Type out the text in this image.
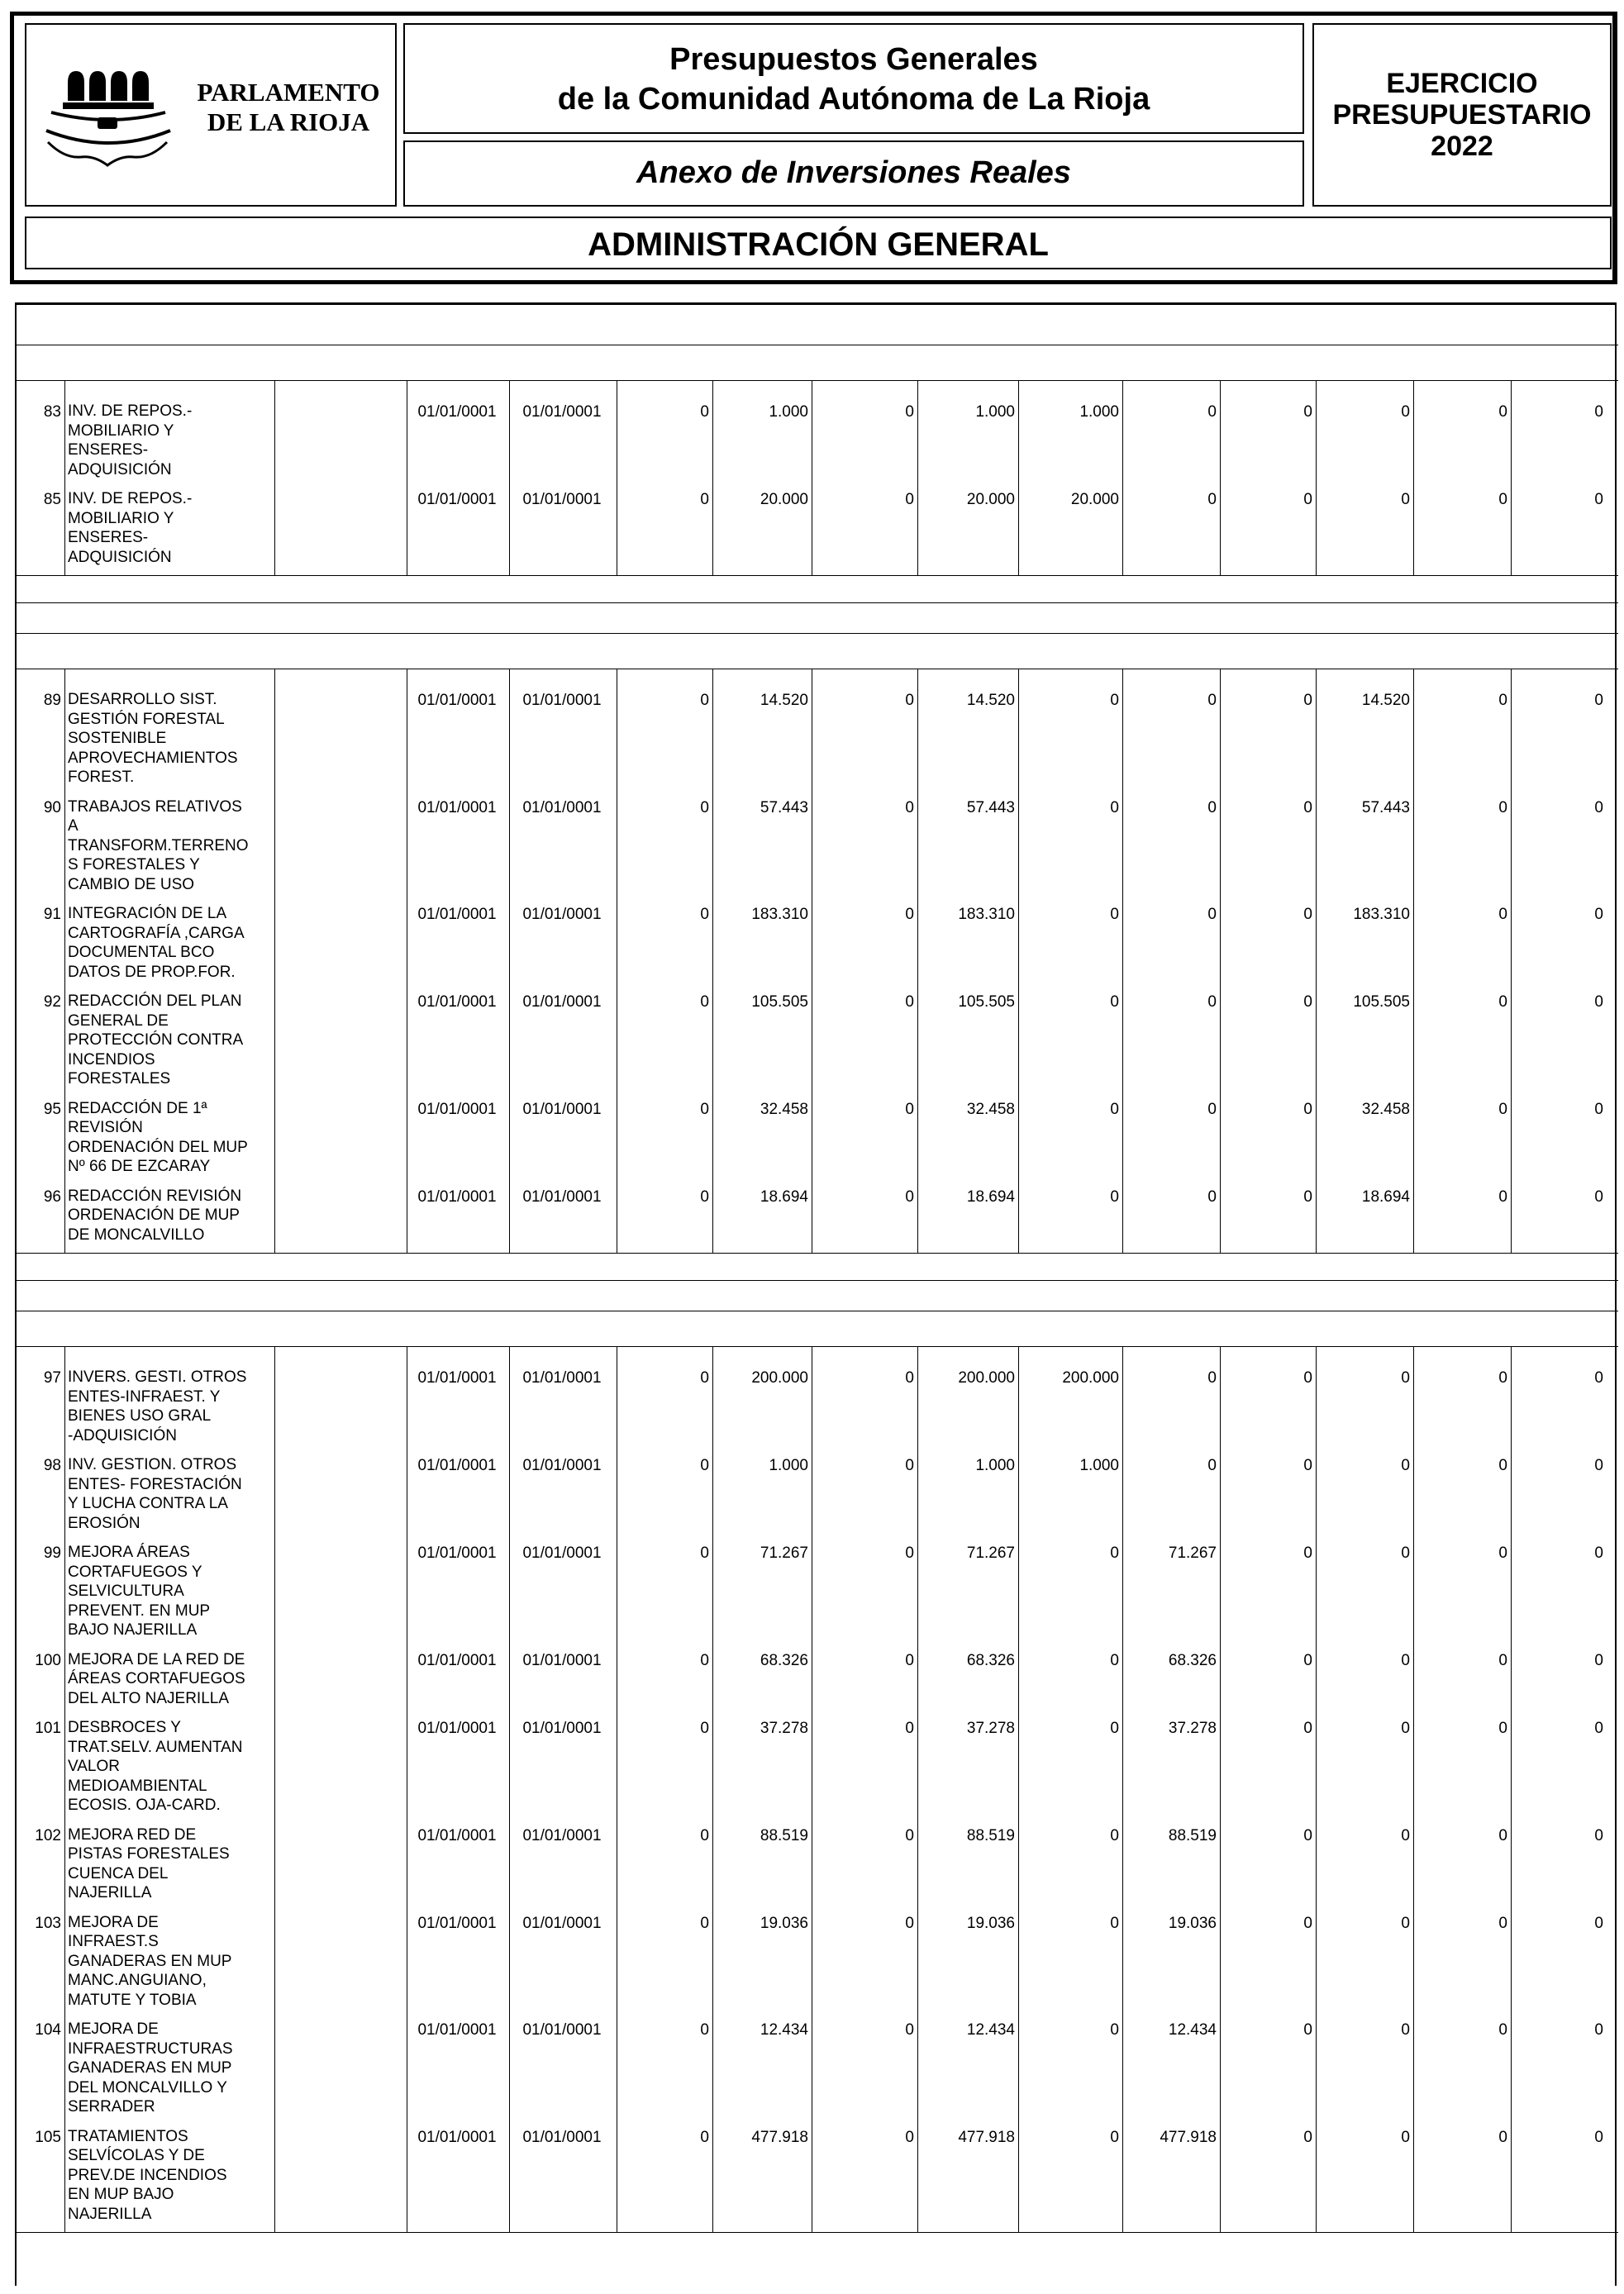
PARLAMENTO
DE LA RIOJA
Presupuestos Generales
de la Comunidad Autónoma de La Rioja
Anexo de Inversiones Reales
EJERCICIO
PRESUPUESTARIO
2022
ADMINISTRACIÓN GENERAL
83 INV. DE REPOS.-
MOBILIARIO Y
ENSERES-
ADQUISICIÓN
01/01/0001	01/01/0001	0	1.000	0	1.000	1.000	0	0	0	0	0
85 INV. DE REPOS.-
MOBILIARIO Y
ENSERES-
ADQUISICIÓN
01/01/0001	01/01/0001	0	20.000	0	20.000	20.000	0	0	0	0	0
89 DESARROLLO SIST.
GESTIÓN FORESTAL
SOSTENIBLE
APROVECHAMIENTOS
FOREST.
01/01/0001	01/01/0001	0	14.520	0	14.520	0	0	0	14.520	0	0
90 TRABAJOS RELATIVOS
A
TRANSFORM.TERRENO
S FORESTALES Y
CAMBIO DE USO
01/01/0001	01/01/0001	0	57.443	0	57.443	0	0	0	57.443	0	0
91 INTEGRACIÓN DE LA
CARTOGRAFÍA ,CARGA
DOCUMENTAL BCO
DATOS DE PROP.FOR.
01/01/0001	01/01/0001	0	183.310	0	183.310	0	0	0	183.310	0	0
92 REDACCIÓN DEL PLAN
GENERAL DE
PROTECCIÓN CONTRA
INCENDIOS
FORESTALES
01/01/0001	01/01/0001	0	105.505	0	105.505	0	0	0	105.505	0	0
95 REDACCIÓN DE 1ª
REVISIÓN
ORDENACIÓN DEL MUP
Nº 66 DE EZCARAY
01/01/0001	01/01/0001	0	32.458	0	32.458	0	0	0	32.458	0	0
96 REDACCIÓN REVISIÓN
ORDENACIÓN DE MUP
DE MONCALVILLO
01/01/0001	01/01/0001	0	18.694	0	18.694	0	0	0	18.694	0	0
97 INVERS. GESTI. OTROS
ENTES-INFRAEST. Y
BIENES USO GRAL
-ADQUISICIÓN
01/01/0001	01/01/0001	0	200.000	0	200.000	200.000	0	0	0	0	0
98 INV. GESTION. OTROS
ENTES- FORESTACIÓN
Y LUCHA CONTRA LA
EROSIÓN
01/01/0001	01/01/0001	0	1.000	0	1.000	1.000	0	0	0	0	0
99 MEJORA ÁREAS
CORTAFUEGOS Y
SELVICULTURA
PREVENT. EN MUP
BAJO NAJERILLA
01/01/0001	01/01/0001	0	71.267	0	71.267	0	71.267	0	0	0	0
100 MEJORA DE LA RED DE
ÁREAS CORTAFUEGOS
DEL ALTO NAJERILLA
01/01/0001	01/01/0001	0	68.326	0	68.326	0	68.326	0	0	0	0
101 DESBROCES Y
TRAT.SELV. AUMENTAN
VALOR
MEDIOAMBIENTAL
ECOSIS. OJA-CARD.
01/01/0001	01/01/0001	0	37.278	0	37.278	0	37.278	0	0	0	0
102 MEJORA RED DE
PISTAS FORESTALES
CUENCA DEL
NAJERILLA
01/01/0001	01/01/0001	0	88.519	0	88.519	0	88.519	0	0	0	0
103 MEJORA DE
INFRAEST.S
GANADERAS EN MUP
MANC.ANGUIANO,
MATUTE Y TOBIA
01/01/0001	01/01/0001	0	19.036	0	19.036	0	19.036	0	0	0	0
104 MEJORA DE
INFRAESTRUCTURAS
GANADERAS EN MUP
DEL MONCALVILLO Y
SERRADER
01/01/0001	01/01/0001	0	12.434	0	12.434	0	12.434	0	0	0	0
105 TRATAMIENTOS
SELVÍCOLAS Y DE
PREV.DE INCENDIOS
EN MUP BAJO
NAJERILLA
01/01/0001	01/01/0001	0	477.918	0	477.918	0	477.918	0	0	0	0
